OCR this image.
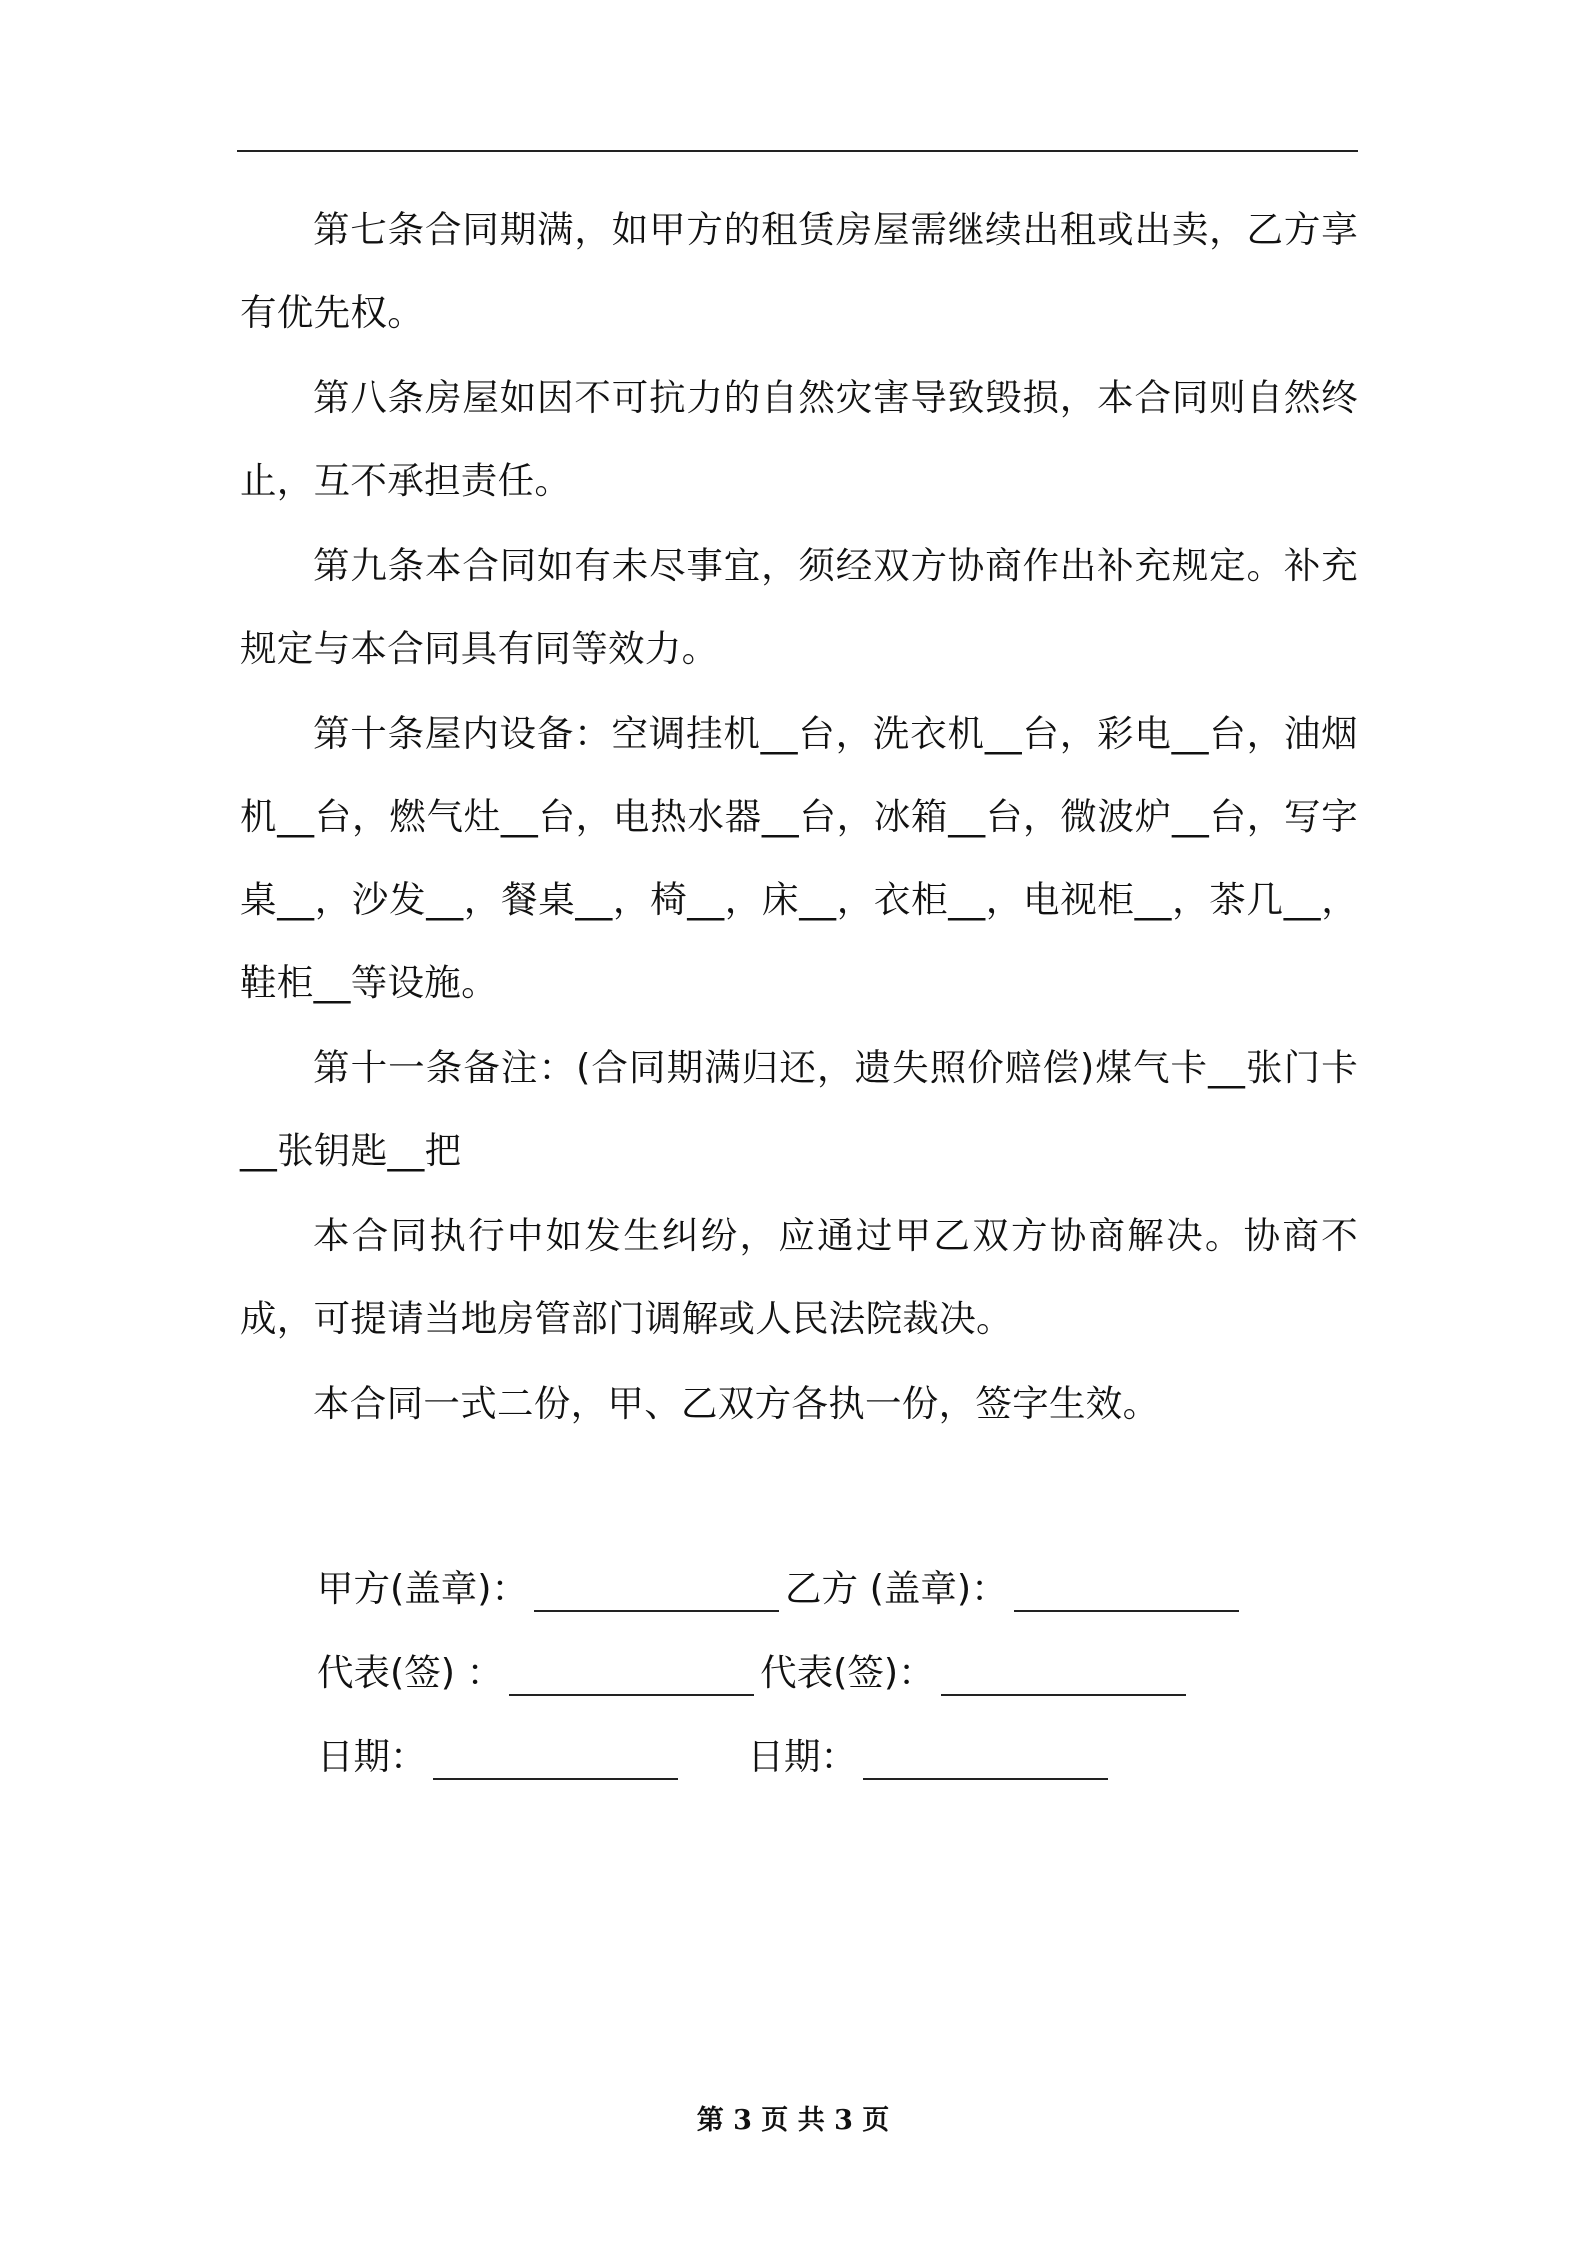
第七条合同期满，如甲方的租赁房屋需继续出租或出卖，乙方享有优先权。

第八条房屋如因不可抗力的自然灾害导致毁损，本合同则自然终止，互不承担责任。

第九条本合同如有未尽事宜，须经双方协商作出补充规定。补充规定与本合同具有同等效力。

第十条屋内设备：空调挂机__台，洗衣机__台，彩电__台，油烟机__台，燃气灶__台，电热水器__台，冰箱__台，微波炉__台，写字桌__，沙发__，餐桌__，椅__，床__，衣柜__，电视柜__，茶几__，鞋柜__等设施。

第十一条备注：(合同期满归还，遗失照价赔偿)煤气卡__张门卡__张钥匙__把

本合同执行中如发生纠纷，应通过甲乙双方协商解决。协商不成，可提请当地房管部门调解或人民法院裁决。

本合同一式二份，甲、乙双方各执一份，签字生效。

甲方(盖章)：	乙方 (盖章)：
代表(签) ：	代表(签)：
日期：	日期：
第 3 页 共 3 页
